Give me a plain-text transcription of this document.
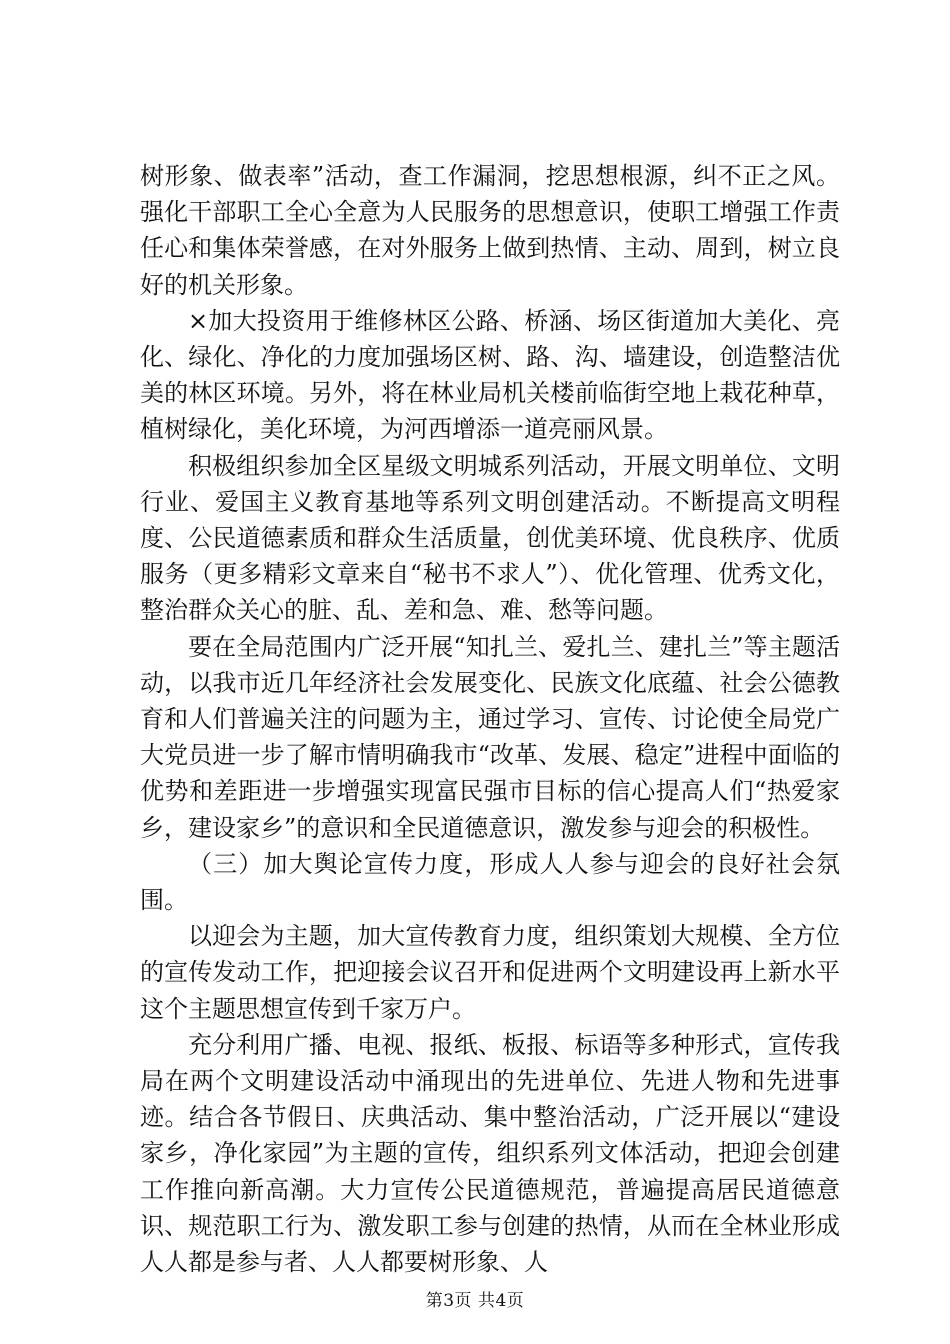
树形象、做表率”活动，查工作漏洞，挖思想根源，纠不正之风。强化干部职工全心全意为人民服务的思想意识，使职工增强工作责任心和集体荣誉感，在对外服务上做到热情、主动、周到，树立良好的机关形象。

×加大投资用于维修林区公路、桥涵、场区街道加大美化、亮化、绿化、净化的力度加强场区树、路、沟、墙建设，创造整洁优美的林区环境。另外，将在林业局机关楼前临街空地上栽花种草，植树绿化，美化环境，为河西增添一道亮丽风景。

积极组织参加全区星级文明城系列活动，开展文明单位、文明行业、爱国主义教育基地等系列文明创建活动。不断提高文明程度、公民道德素质和群众生活质量，创优美环境、优良秩序、优质服务（更多精彩文章来自“秘书不求人”）、优化管理、优秀文化，整治群众关心的脏、乱、差和急、难、愁等问题。

要在全局范围内广泛开展“知扎兰、爱扎兰、建扎兰”等主题活动，以我市近几年经济社会发展变化、民族文化底蕴、社会公德教育和人们普遍关注的问题为主，通过学习、宣传、讨论使全局党广大党员进一步了解市情明确我市“改革、发展、稳定”进程中面临的优势和差距进一步增强实现富民强市目标的信心提高人们“热爱家乡，建设家乡”的意识和全民道德意识，激发参与迎会的积极性。

（三）加大舆论宣传力度，形成人人参与迎会的良好社会氛围。

以迎会为主题，加大宣传教育力度，组织策划大规模、全方位的宣传发动工作，把迎接会议召开和促进两个文明建设再上新水平这个主题思想宣传到千家万户。

充分利用广播、电视、报纸、板报、标语等多种形式，宣传我局在两个文明建设活动中涌现出的先进单位、先进人物和先进事迹。结合各节假日、庆典活动、集中整治活动，广泛开展以“建设家乡，净化家园”为主题的宣传，组织系列文体活动，把迎会创建工作推向新高潮。大力宣传公民道德规范，普遍提高居民道德意识、规范职工行为、激发职工参与创建的热情，从而在全林业形成人人都是参与者、人人都要树形象、人

第3页 共4页
